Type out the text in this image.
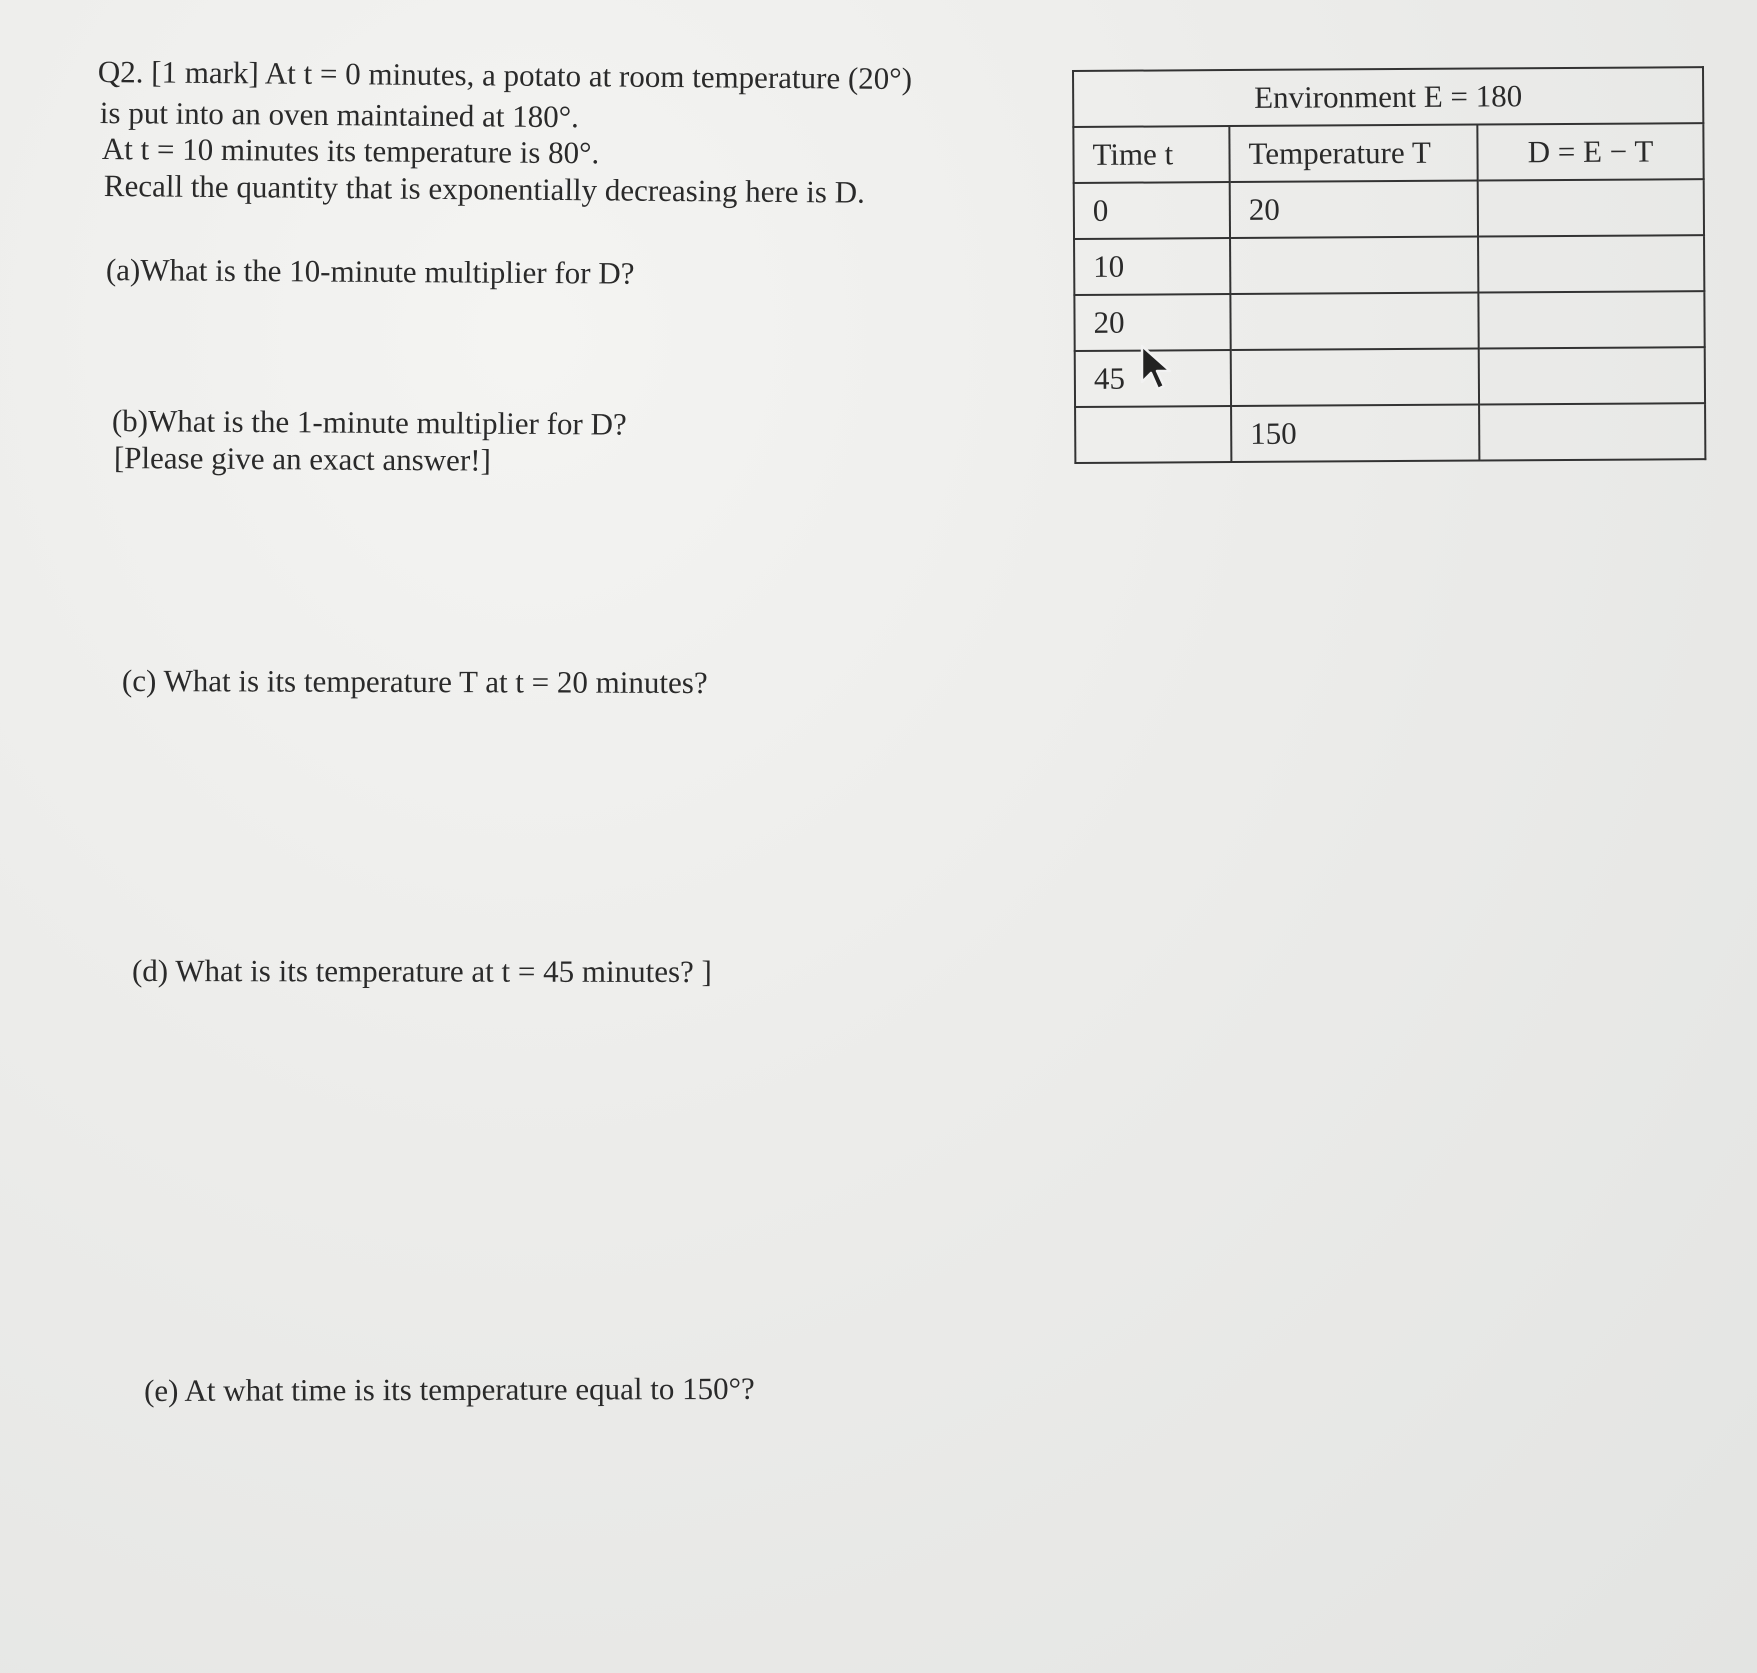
Q2. [1 mark] At t = 0 minutes, a potato at room temperature (20°)
is put into an oven maintained at 180°.
At t = 10 minutes its temperature is 80°.
Recall the quantity that is exponentially decreasing here is D.
(a)What is the 10-minute multiplier for D?
(b)What is the 1-minute multiplier for D?
[Please give an exact answer!]
(c) What is its temperature T at t = 20 minutes?
(d) What is its temperature at t = 45 minutes? ]
(e) At what time is its temperature equal to 150°?
Environment E = 180		
Time t	Temperature T	D = E − T
0	20	
10		
20		
45		
	150	
